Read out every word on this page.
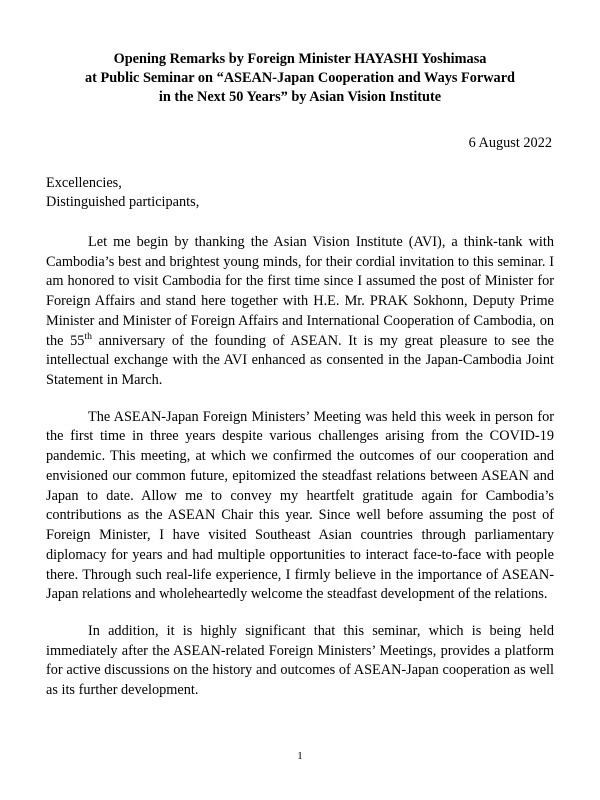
Opening Remarks by Foreign Minister HAYASHI Yoshimasa
at Public Seminar on “ASEAN-Japan Cooperation and Ways Forward
in the Next 50 Years” by Asian Vision Institute
6 August 2022
Excellencies,
Distinguished participants,

Let me begin by thanking the Asian Vision Institute (AVI), a think-tank with Cambodia’s best and brightest young minds, for their cordial invitation to this seminar. I am honored to visit Cambodia for the first time since I assumed the post of Minister for Foreign Affairs and stand here together with H.E. Mr. PRAK Sokhonn, Deputy Prime Minister and Minister of Foreign Affairs and International Cooperation of Cambodia, on the 55th anniversary of the founding of ASEAN. It is my great pleasure to see the intellectual exchange with the AVI enhanced as consented in the Japan-Cambodia Joint Statement in March.

The ASEAN-Japan Foreign Ministers’ Meeting was held this week in person for the first time in three years despite various challenges arising from the COVID-19 pandemic. This meeting, at which we confirmed the outcomes of our cooperation and envisioned our common future, epitomized the steadfast relations between ASEAN and Japan to date. Allow me to convey my heartfelt gratitude again for Cambodia’s contributions as the ASEAN Chair this year. Since well before assuming the post of Foreign Minister, I have visited Southeast Asian countries through parliamentary diplomacy for years and had multiple opportunities to interact face-to-face with people there. Through such real-life experience, I firmly believe in the importance of ASEAN-Japan relations and wholeheartedly welcome the steadfast development of the relations.

In addition, it is highly significant that this seminar, which is being held immediately after the ASEAN-related Foreign Ministers’ Meetings, provides a platform for active discussions on the history and outcomes of ASEAN-Japan cooperation as well as its further development.

1
